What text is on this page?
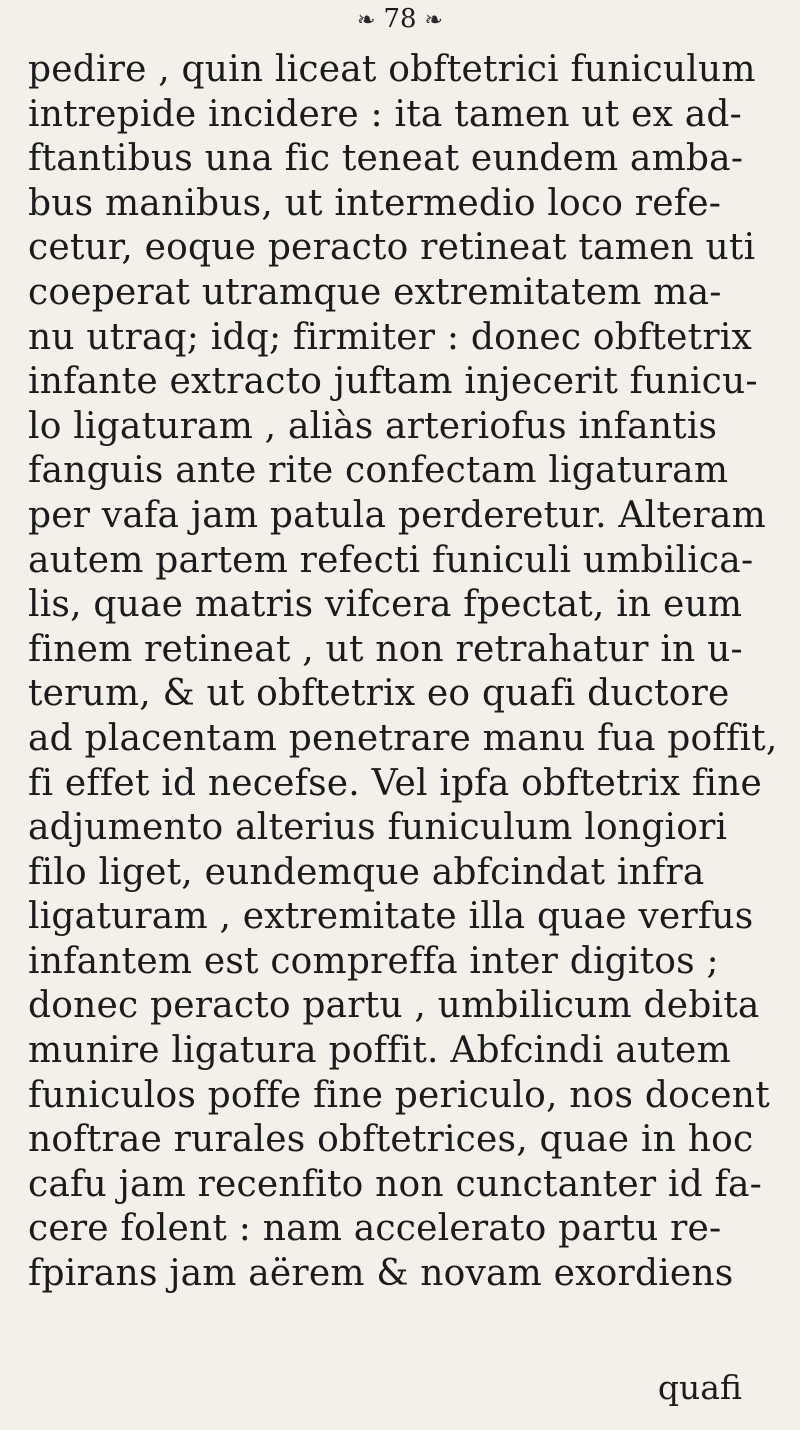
❧ 78 ❧
pedire , quin liceat obftetrici funiculum
intrepide incidere : ita tamen ut ex ad-
ftantibus una fic teneat eundem amba-
bus manibus, ut intermedio loco refe-
cetur, eoque peracto retineat tamen uti
coeperat utramque extremitatem ma-
nu utraq; idq; firmiter : donec obftetrix
infante extracto juftam injecerit funicu-
lo ligaturam , aliàs arteriofus infantis
fanguis ante rite confectam ligaturam
per vafa jam patula perderetur. Alteram
autem partem refecti funiculi umbilica-
lis, quae matris vifcera fpectat, in eum
finem retineat , ut non retrahatur in u-
terum, & ut obftetrix eo quafi ductore
ad placentam penetrare manu fua poffit,
fi effet id necefse. Vel ipfa obftetrix fine
adjumento alterius funiculum longiori
filo liget, eundemque abfcindat infra
ligaturam , extremitate illa quae verfus
infantem est compreffa inter digitos ;
donec peracto partu , umbilicum debita
munire ligatura poffit. Abfcindi autem
funiculos poffe fine periculo, nos docent
noftrae rurales obftetrices, quae in hoc
cafu jam recenfito non cunctanter id fa-
cere folent : nam accelerato partu re-
fpirans jam aërem & novam exordiens
quafi
